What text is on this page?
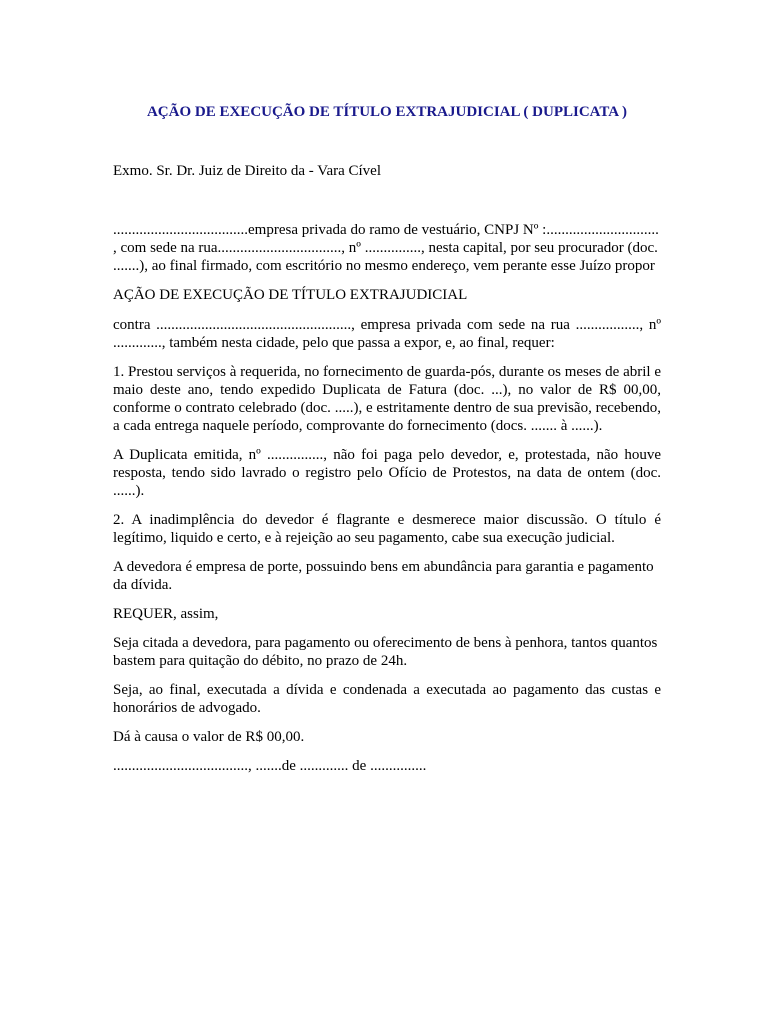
AÇÃO DE EXECUÇÃO DE TÍTULO EXTRAJUDICIAL ( DUPLICATA )
Exmo. Sr. Dr. Juiz de Direito da - Vara Cível

....................................empresa privada do ramo de vestuário, CNPJ Nº :.............................. , com sede na rua................................., nº ..............., nesta capital, por seu procurador (doc. .......), ao final firmado, com escritório no mesmo endereço, vem perante esse Juízo propor

AÇÃO DE EXECUÇÃO DE TÍTULO EXTRAJUDICIAL

contra ...................................................., empresa privada com sede na rua ................., nº ............., também nesta cidade, pelo que passa a expor, e, ao final, requer:

1. Prestou serviços à requerida, no fornecimento de guarda-pós, durante os meses de abril e maio deste ano, tendo expedido Duplicata de Fatura (doc. ...), no valor de R$ 00,00, conforme o contrato celebrado (doc. .....), e estritamente dentro de sua previsão, recebendo, a cada entrega naquele período, comprovante do fornecimento (docs. ....... à ......).

A Duplicata emitida, nº ..............., não foi paga pelo devedor, e, protestada, não houve resposta, tendo sido lavrado o registro pelo Ofício de Protestos, na data de ontem (doc. ......).

2. A inadimplência do devedor é flagrante e desmerece maior discussão. O título é legítimo, liquido e certo, e à rejeição ao seu pagamento, cabe sua execução judicial.

A devedora é empresa de porte, possuindo bens em abundância para garantia e pagamento da dívida.

REQUER, assim,

Seja citada a devedora, para pagamento ou oferecimento de bens à penhora, tantos quantos bastem para quitação do débito, no prazo de 24h.

Seja, ao final, executada a dívida e condenada a executada ao pagamento das custas e honorários de advogado.

Dá à causa o valor de R$ 00,00.

...................................., .......de ............. de ...............
